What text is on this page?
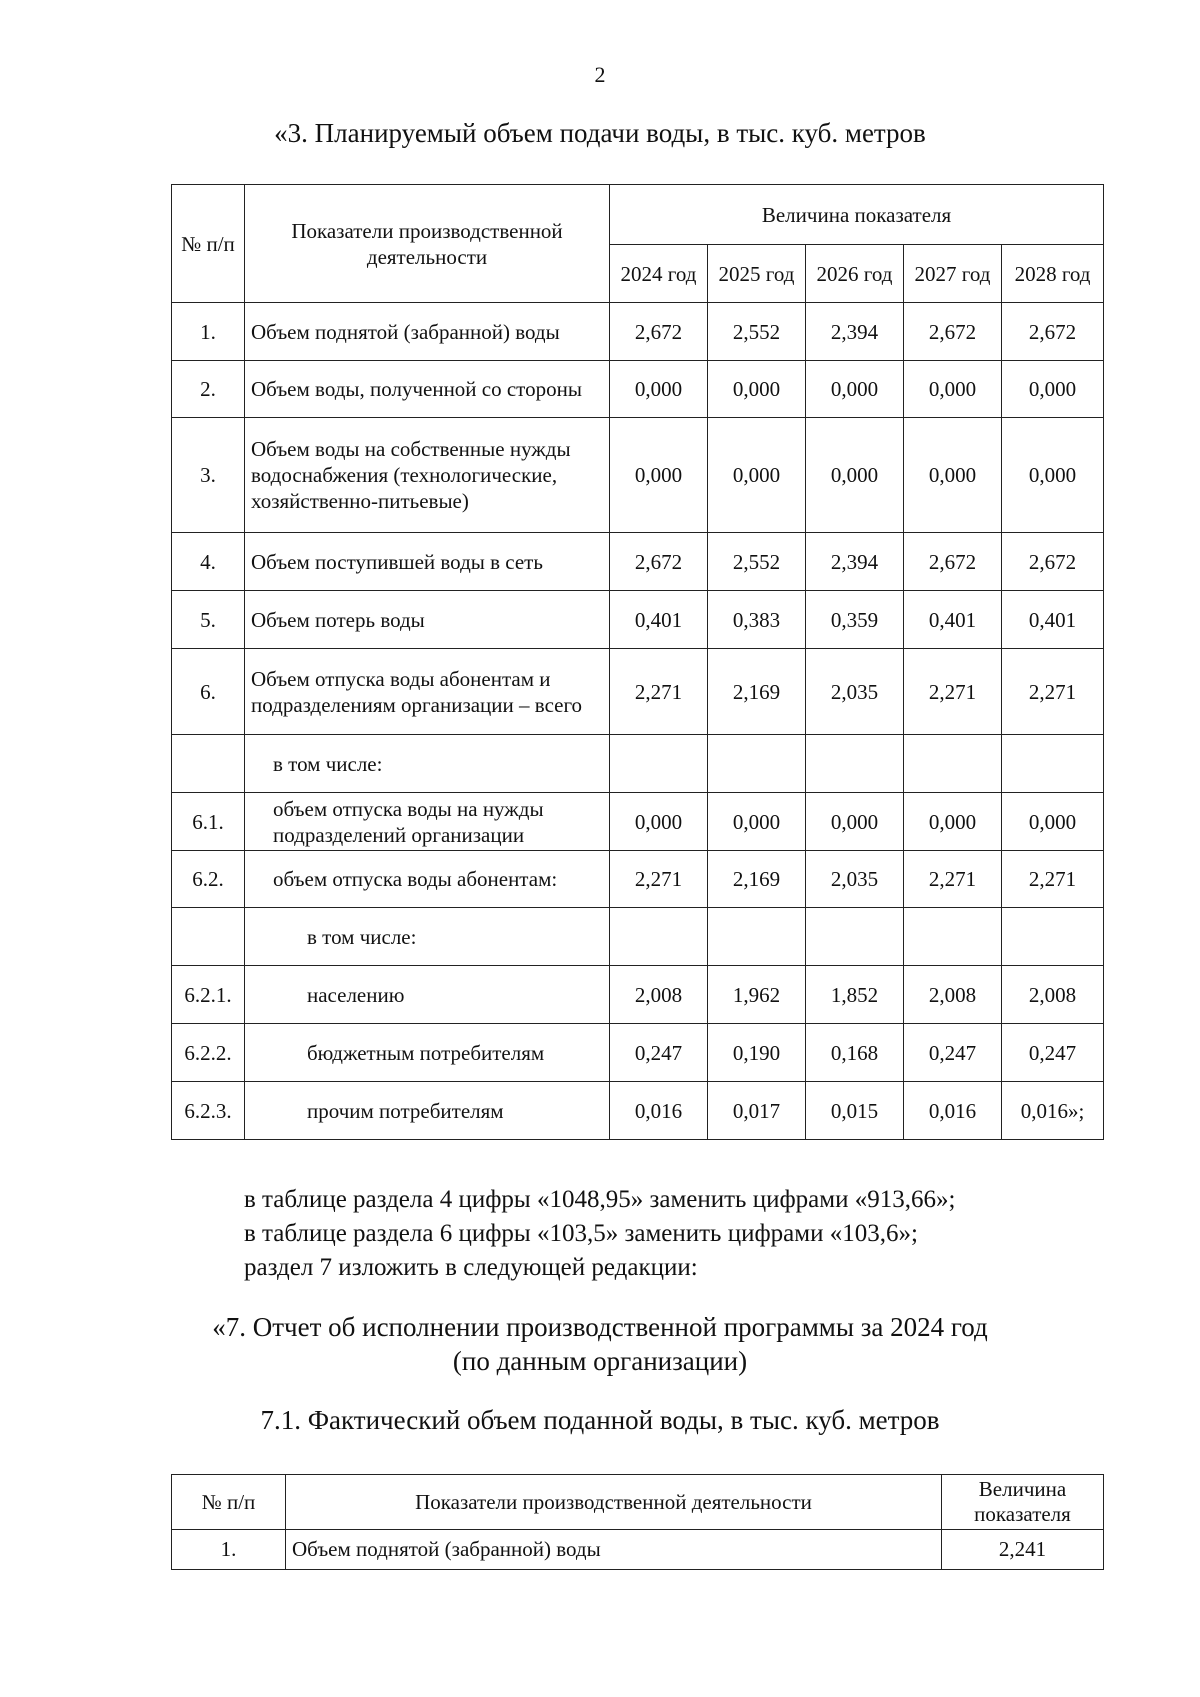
2
«3. Планируемый объем подачи воды, в тыс. куб. метров
№ п/п	Показатели производственной деятельности	Величина показателя				
		2024 год	2025 год	2026 год	2027 год	2028 год
1.	Объем поднятой (забранной) воды	2,672	2,552	2,394	2,672	2,672
2.	Объем воды, полученной со стороны	0,000	0,000	0,000	0,000	0,000
3.	Объем воды на собственные нужды водоснабжения (технологические, хозяйственно-питьевые)	0,000	0,000	0,000	0,000	0,000
4.	Объем поступившей воды в сеть	2,672	2,552	2,394	2,672	2,672
5.	Объем потерь воды	0,401	0,383	0,359	0,401	0,401
6.	Объем отпуска воды абонентам и подразделениям организации – всего	2,271	2,169	2,035	2,271	2,271
	в том числе:					
6.1.	объем отпуска воды на нужды подразделений организации	0,000	0,000	0,000	0,000	0,000
6.2.	объем отпуска воды абонентам:	2,271	2,169	2,035	2,271	2,271
	в том числе:					
6.2.1.	населению	2,008	1,962	1,852	2,008	2,008
6.2.2.	бюджетным потребителям	0,247	0,190	0,168	0,247	0,247
6.2.3.	прочим потребителям	0,016	0,017	0,015	0,016	0,016»;
в таблице раздела 4 цифры «1048,95» заменить цифрами «913,66»;
в таблице раздела 6 цифры «103,5» заменить цифрами «103,6»;
раздел 7 изложить в следующей редакции:
«7. Отчет об исполнении производственной программы за 2024 год
(по данным организации)
7.1. Фактический объем поданной воды, в тыс. куб. метров
№ п/п	Показатели производственной деятельности	Величина показателя
1.	Объем поднятой (забранной) воды	2,241
